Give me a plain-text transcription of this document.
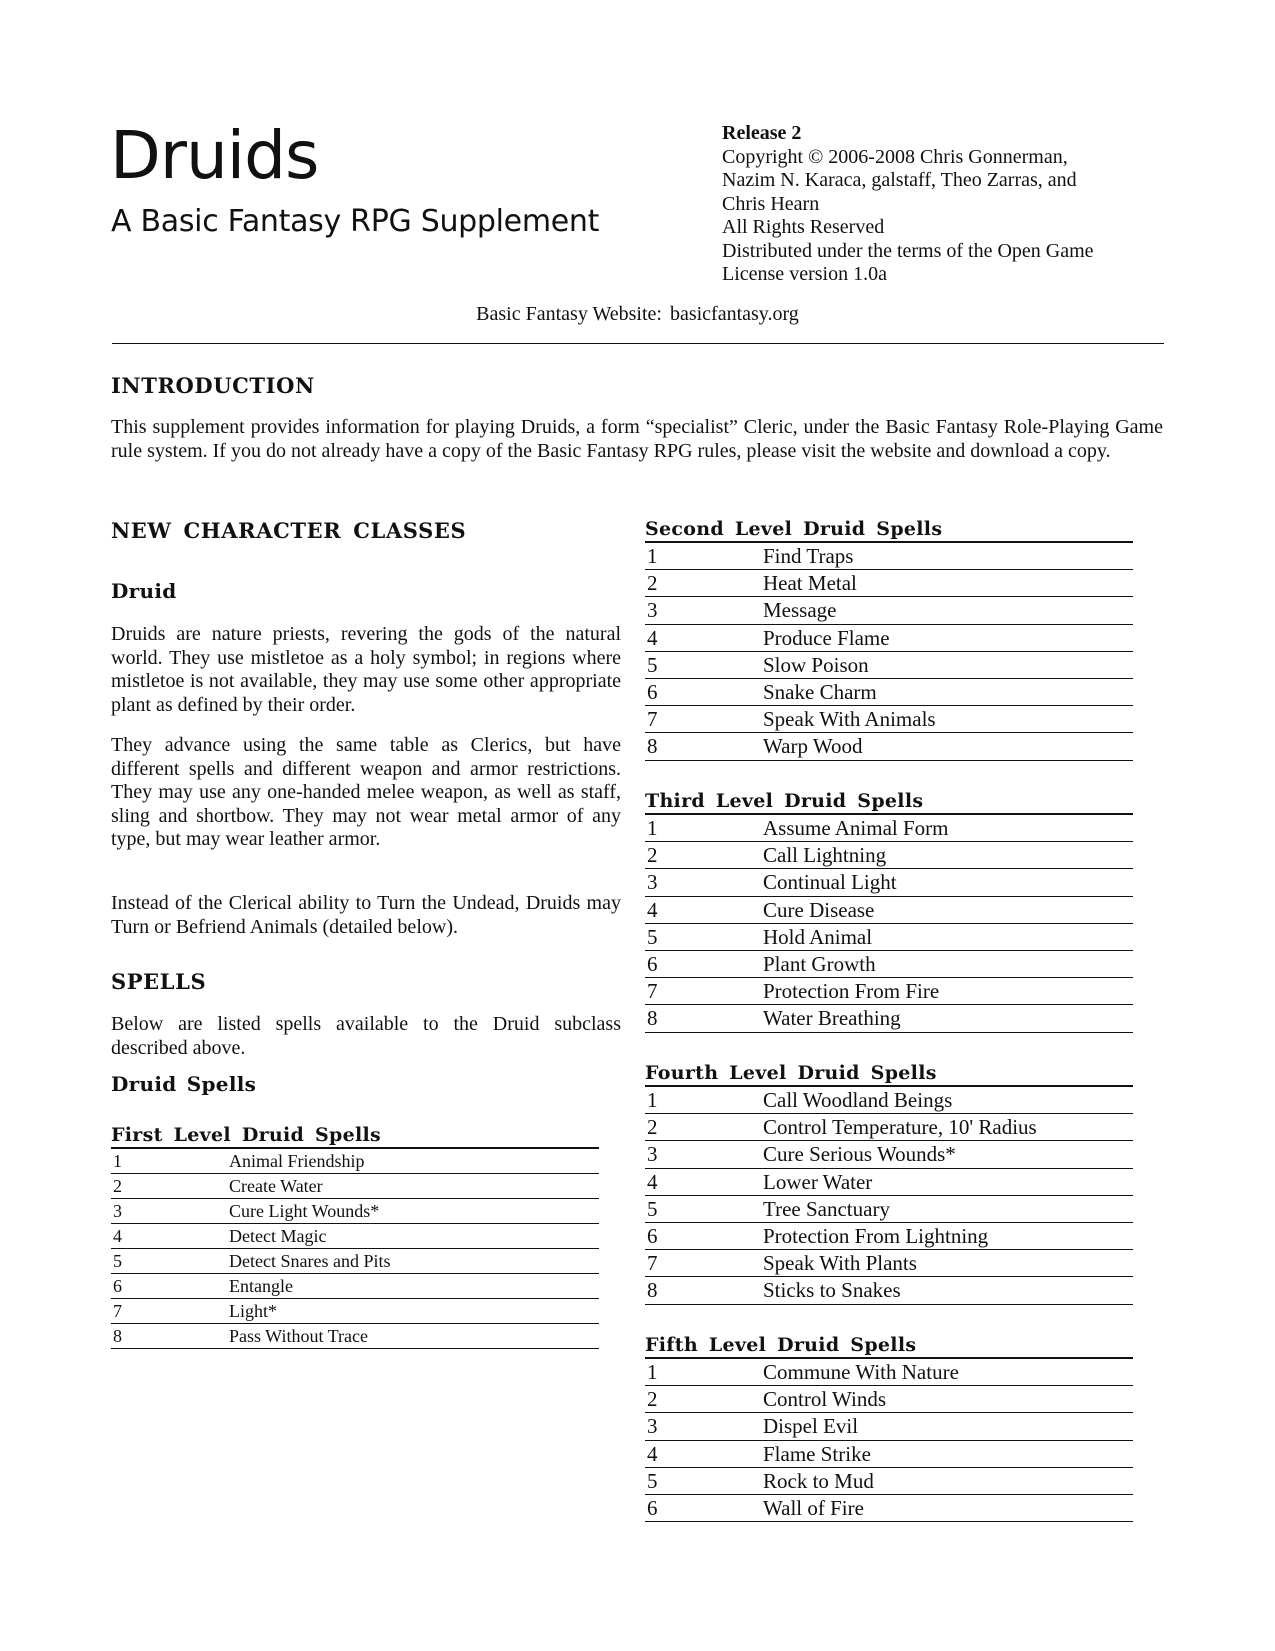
Druids
A Basic Fantasy RPG Supplement
Release 2
Copyright © 2006-2008 Chris Gonnerman,
Nazim N. Karaca, galstaff, Theo Zarras, and
Chris Hearn
All Rights Reserved
Distributed under the terms of the Open Game
License version 1.0a
Basic Fantasy Website: basicfantasy.org
INTRODUCTION

This supplement provides information for playing Druids, a form “specialist” Cleric, under the Basic Fantasy Role-Playing Game rule system. If you do not already have a copy of the Basic Fantasy RPG rules, please visit the website and download a copy.

NEW CHARACTER CLASSES
Druid

Druids are nature priests, revering the gods of the natural world. They use mistletoe as a holy symbol; in regions where mistletoe is not available, they may use some other appropriate plant as defined by their order.

They advance using the same table as Clerics, but have different spells and different weapon and armor restrictions. They may use any one-handed melee weapon, as well as staff, sling and shortbow. They may not wear metal armor of any type, but may wear leather armor.

Instead of the Clerical ability to Turn the Undead, Druids may Turn or Befriend Animals (detailed below).

SPELLS

Below are listed spells available to the Druid subclass described above.

Druid Spells
First Level Druid Spells
1	Animal Friendship
2	Create Water
3	Cure Light Wounds*
4	Detect Magic
5	Detect Snares and Pits
6	Entangle
7	Light*
8	Pass Without Trace
Second Level Druid Spells
1	Find Traps
2	Heat Metal
3	Message
4	Produce Flame
5	Slow Poison
6	Snake Charm
7	Speak With Animals
8	Warp Wood
Third Level Druid Spells
1	Assume Animal Form
2	Call Lightning
3	Continual Light
4	Cure Disease
5	Hold Animal
6	Plant Growth
7	Protection From Fire
8	Water Breathing
Fourth Level Druid Spells
1	Call Woodland Beings
2	Control Temperature, 10' Radius
3	Cure Serious Wounds*
4	Lower Water
5	Tree Sanctuary
6	Protection From Lightning
7	Speak With Plants
8	Sticks to Snakes
Fifth Level Druid Spells
1	Commune With Nature
2	Control Winds
3	Dispel Evil
4	Flame Strike
5	Rock to Mud
6	Wall of Fire
